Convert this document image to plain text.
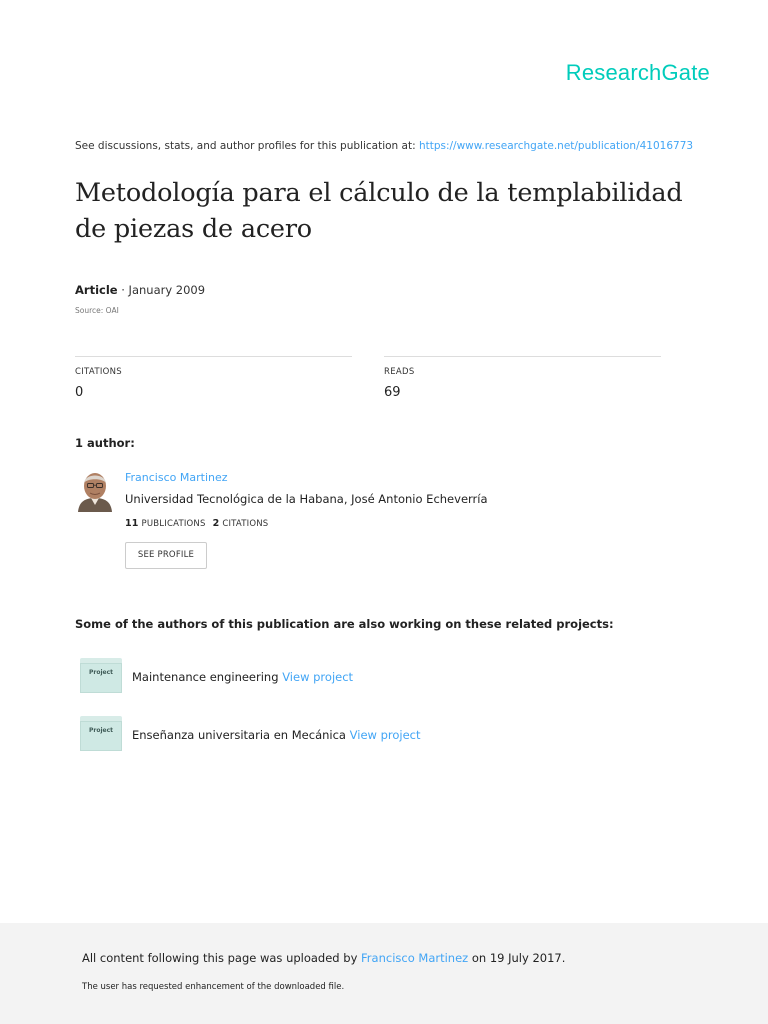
ResearchGate
See discussions, stats, and author profiles for this publication at: https://www.researchgate.net/publication/41016773
Metodología para el cálculo de la templabilidad de piezas de acero
Article · January 2009
Source: OAI
CITATIONS
0
READS
69
1 author:
Francisco Martinez
Universidad Tecnológica de la Habana, José Antonio Echeverría
11 PUBLICATIONS 2 CITATIONS
SEE PROFILE
Some of the authors of this publication are also working on these related projects:
Project	Maintenance engineering View project
Project	Enseñanza universitaria en Mecánica View project
All content following this page was uploaded by Francisco Martinez on 19 July 2017.
The user has requested enhancement of the downloaded file.
